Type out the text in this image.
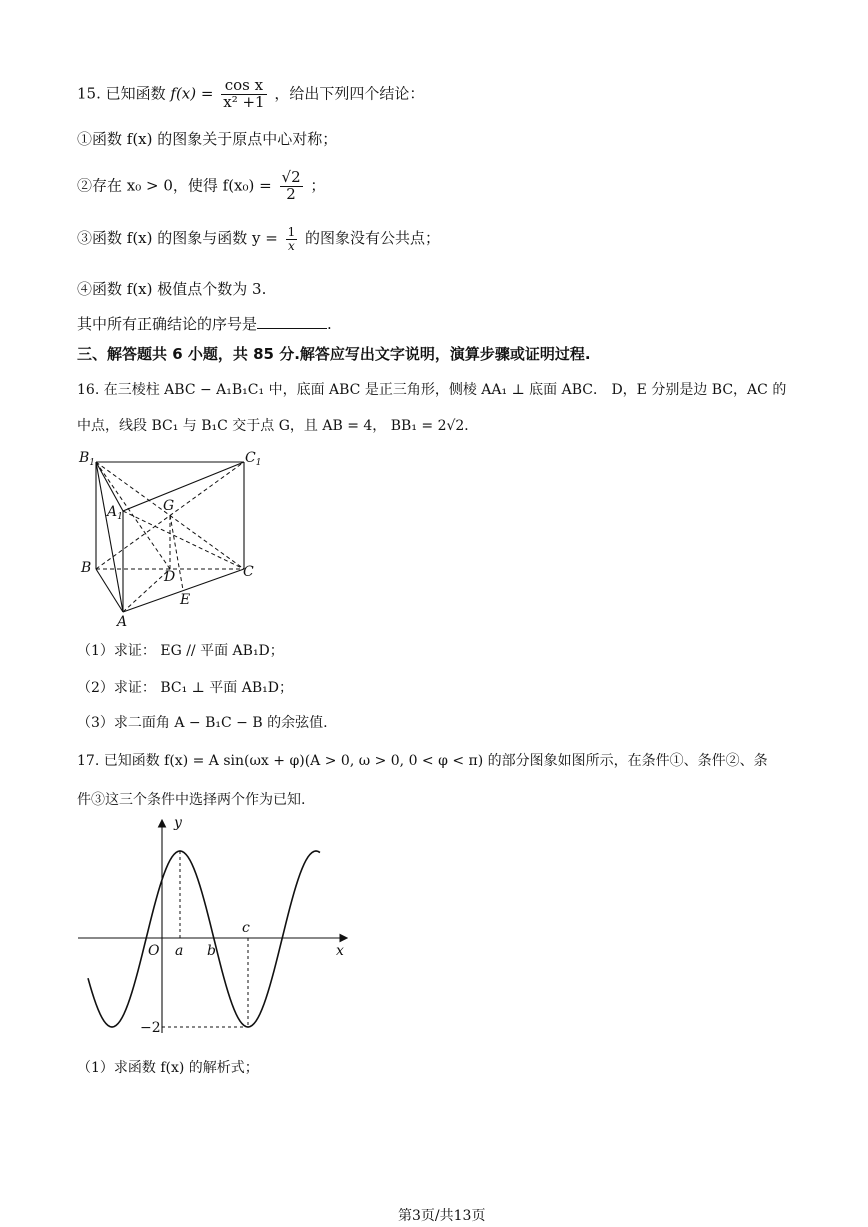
15. 已知函数 $f(x) = \frac{\text{cos x}}{\text{x² +1}}$ ，给出下列四个结论：
①函数 f(x) 的图象关于原点中心对称；
②存在 x₀ > 0，使得 $f(x_0) = \frac{√2}{2}$ ；
③函数 f(x) 的图象与函数 $y = \frac{1}{x}$ 的图象没有公共点；
④函数 f(x) 极值点个数为 3.
其中所有正确结论的序号是	.
三、解答题共 6 小题，共 85 分.解答应写出文字说明，演算步骤或证明过程.
16. 在三棱柱 ABC − A₁B₁C₁ 中，底面 ABC 是正三角形，侧棱 AA₁ ⊥ 底面 ABC． D，E 分别是边 BC，AC 的
中点，线段 BC₁ 与 B₁C 交于点 G，且 AB = 4， BB₁ = 2√2．
$B_1$	$C_1$
$A_1$
G
B
D	C
E
A
（1）求证： EG // 平面 AB₁D；
（2）求证： BC₁ ⊥ 平面 AB₁D；
（3）求二面角 A − B₁C − B 的余弦值.
17. 已知函数 f(x) = A sin(ωx + φ)(A > 0, ω > 0, 0 < φ < π) 的部分图象如图所示，在条件①、条件②、条
件③这三个条件中选择两个作为已知.
y
x
O a b
c
−2
（1）求函数 f(x) 的解析式；
第3页/共13页
